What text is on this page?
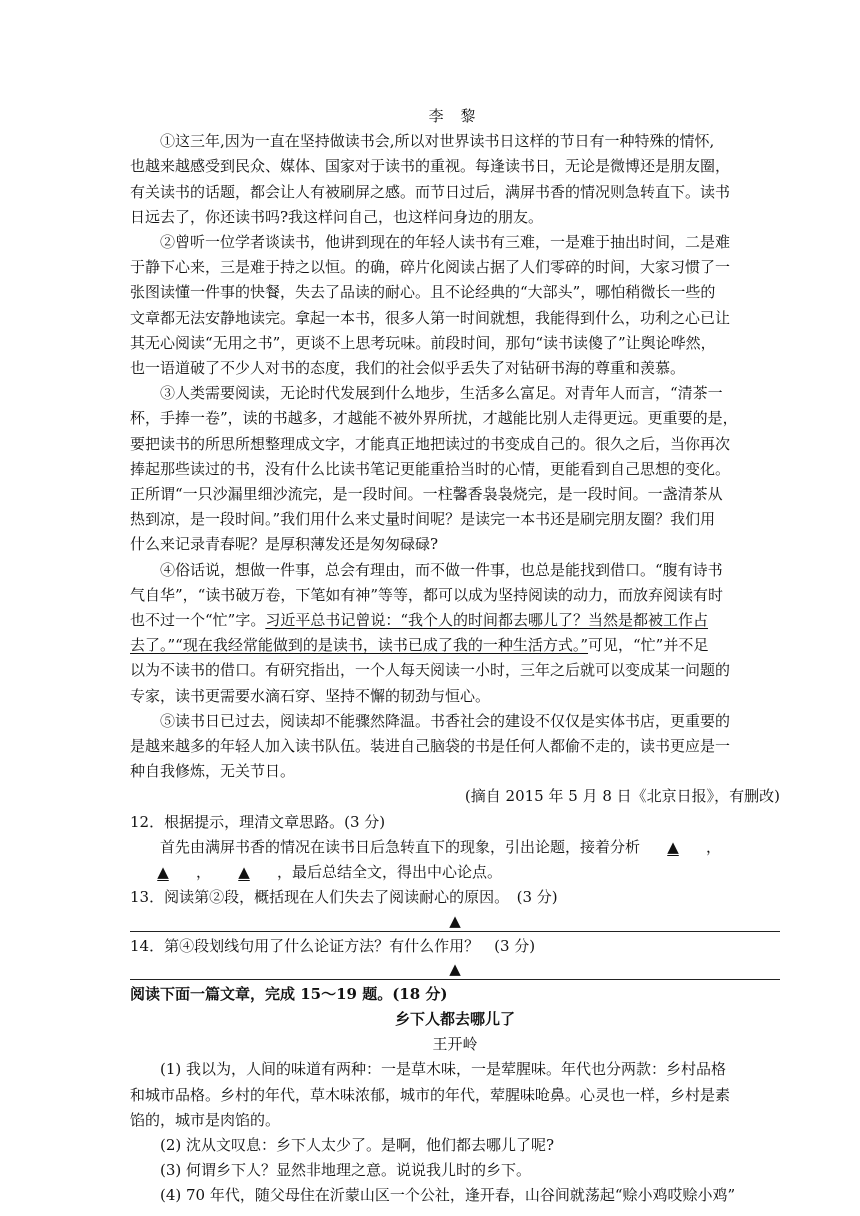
李 黎
①这三年,因为一直在坚持做读书会,所以对世界读书日这样的节日有一种特殊的情怀,
也越来越感受到民众、媒体、国家对于读书的重视。每逢读书日，无论是微博还是朋友圈，
有关读书的话题，都会让人有被刷屏之感。而节日过后，满屏书香的情况则急转直下。读书
日远去了，你还读书吗?我这样问自己，也这样问身边的朋友。
②曾听一位学者谈读书，他讲到现在的年轻人读书有三难，一是难于抽出时间，二是难
于静下心来，三是难于持之以恒。的确，碎片化阅读占据了人们零碎的时间，大家习惯了一
张图读懂一件事的快餐，失去了品读的耐心。且不论经典的“大部头”，哪怕稍微长一些的
文章都无法安静地读完。拿起一本书，很多人第一时间就想，我能得到什么，功利之心已让
其无心阅读“无用之书”，更谈不上思考玩味。前段时间，那句“读书读傻了”让舆论哗然，
也一语道破了不少人对书的态度，我们的社会似乎丢失了对钻研书海的尊重和羡慕。
③人类需要阅读，无论时代发展到什么地步，生活多么富足。对青年人而言，“清茶一
杯，手捧一卷”，读的书越多，才越能不被外界所扰，才越能比别人走得更远。更重要的是，
要把读书的所思所想整理成文字，才能真正地把读过的书变成自己的。很久之后，当你再次
捧起那些读过的书，没有什么比读书笔记更能重拾当时的心情，更能看到自己思想的变化。
正所谓“一只沙漏里细沙流完，是一段时间。一柱馨香袅袅烧完，是一段时间。一盏清茶从
热到凉，是一段时间。”我们用什么来丈量时间呢？是读完一本书还是刷完朋友圈？我们用
什么来记录青春呢？是厚积薄发还是匆匆碌碌?
④俗话说，想做一件事，总会有理由，而不做一件事，也总是能找到借口。“腹有诗书
气自华”，“读书破万卷，下笔如有神”等等，都可以成为坚持阅读的动力，而放弃阅读有时
也不过一个“忙”字。习近平总书记曾说：“我个人的时间都去哪儿了？当然是都被工作占
去了。”“现在我经常能做到的是读书，读书已成了我的一种生活方式。”可见，“忙”并不足
以为不读书的借口。有研究指出，一个人每天阅读一小时，三年之后就可以变成某一问题的
专家，读书更需要水滴石穿、坚持不懈的韧劲与恒心。
⑤读书日已过去，阅读却不能骤然降温。书香社会的建设不仅仅是实体书店，更重要的
是越来越多的年轻人加入读书队伍。装进自己脑袋的书是任何人都偷不走的，读书更应是一
种自我修炼，无关节日。
(摘自 2015 年 5 月 8 日《北京日报》，有删改)
12．根据提示，理清文章思路。(3 分)
首先由满屏书香的情况在读书日后急转直下的现象，引出论题，接着分析 ▲ ，
▲ ， ▲ ，最后总结全文，得出中心论点。
13．阅读第②段，概括现在人们失去了阅读耐心的原因。　(3 分)
▲
14．第④段划线句用了什么论证方法？有什么作用？　(3 分)
▲
阅读下面一篇文章，完成 15～19 题。(18 分)
乡下人都去哪儿了
王开岭
(1) 我以为，人间的味道有两种：一是草木味，一是荤腥味。年代也分两款：乡村品格
和城市品格。乡村的年代，草木味浓郁，城市的年代，荤腥味呛鼻。心灵也一样，乡村是素
馅的，城市是肉馅的。
(2) 沈从文叹息：乡下人太少了。是啊，他们都去哪儿了呢?
(3) 何谓乡下人？显然非地理之意。说说我儿时的乡下。
(4) 70 年代，随父母住在沂蒙山区一个公社，逢开春，山谷间就荡起“赊小鸡哎赊小鸡”
